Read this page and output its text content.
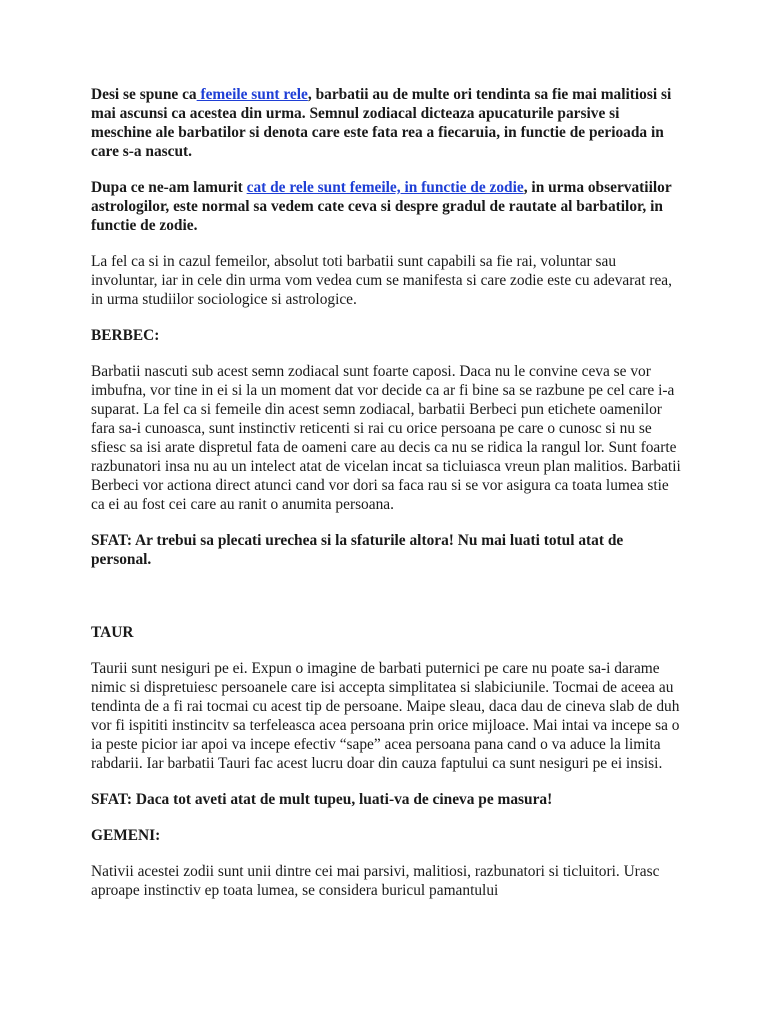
Desi se spune ca femeile sunt rele, barbatii au de multe ori tendinta sa fie mai malitiosi si mai ascunsi ca acestea din urma. Semnul zodiacal dicteaza apucaturile parsive si meschine ale barbatilor si denota care este fata rea a fiecaruia, in functie de perioada in care s-a nascut.

Dupa ce ne-am lamurit cat de rele sunt femeile, in functie de zodie, in urma observatiilor astrologilor, este normal sa vedem cate ceva si despre gradul de rautate al barbatilor, in functie de zodie.

La fel ca si in cazul femeilor, absolut toti barbatii sunt capabili sa fie rai, voluntar sau involuntar, iar in cele din urma vom vedea cum se manifesta si care zodie este cu adevarat rea, in urma studiilor sociologice si astrologice.

BERBEC:

Barbatii nascuti sub acest semn zodiacal sunt foarte caposi. Daca nu le convine ceva se vor imbufna, vor tine in ei si la un moment dat vor decide ca ar fi bine sa se razbune pe cel care i-a suparat. La fel ca si femeile din acest semn zodiacal, barbatii Berbeci pun etichete oamenilor fara sa-i cunoasca, sunt instinctiv reticenti si rai cu orice persoana pe care o cunosc si nu se sfiesc sa isi arate dispretul fata de oameni care au decis ca nu se ridica la rangul lor. Sunt foarte razbunatori insa nu au un intelect atat de vicelan incat sa ticluiasca vreun plan malitios. Barbatii Berbeci vor actiona direct atunci cand vor dori sa faca rau si se vor asigura ca toata lumea stie ca ei au fost cei care au ranit o anumita persoana.

SFAT: Ar trebui sa plecati urechea si la sfaturile altora! Nu mai luati totul atat de personal.

TAUR

Taurii sunt nesiguri pe ei. Expun o imagine de barbati puternici pe care nu poate sa-i darame nimic si dispretuiesc persoanele care isi accepta simplitatea si slabiciunile. Tocmai de aceea au tendinta de a fi rai tocmai cu acest tip de persoane. Maipe sleau, daca dau de cineva slab de duh vor fi ispititi instincitv sa terfeleasca acea persoana prin orice mijloace. Mai intai va incepe sa o ia peste picior iar apoi va incepe efectiv “sape” acea persoana pana cand o va aduce la limita rabdarii. Iar barbatii Tauri fac acest lucru doar din cauza faptului ca sunt nesiguri pe ei insisi.

SFAT: Daca tot aveti atat de mult tupeu, luati-va de cineva pe masura!

GEMENI:

Nativii acestei zodii sunt unii dintre cei mai parsivi, malitiosi, razbunatori si ticluitori. Urasc aproape instinctiv ep toata lumea, se considera buricul pamantului
